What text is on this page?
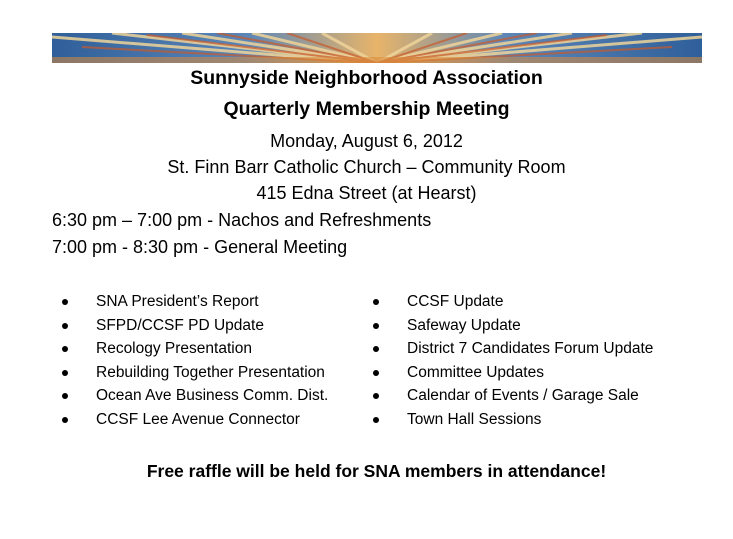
Sunnyside Neighborhood Association
Quarterly Membership Meeting
Monday, August 6, 2012
St. Finn Barr Catholic Church – Community Room
415 Edna Street (at Hearst)
6:30 pm – 7:00 pm - Nachos and Refreshments
7:00 pm - 8:30 pm - General Meeting
SNA President’s Report
SFPD/CCSF PD Update
Recology Presentation
Rebuilding Together Presentation
Ocean Ave Business Comm. Dist.
CCSF Lee Avenue Connector
CCSF Update
Safeway Update
District 7 Candidates Forum Update
Committee Updates
Calendar of Events / Garage Sale
Town Hall Sessions
Free raffle will be held for SNA members in attendance!
